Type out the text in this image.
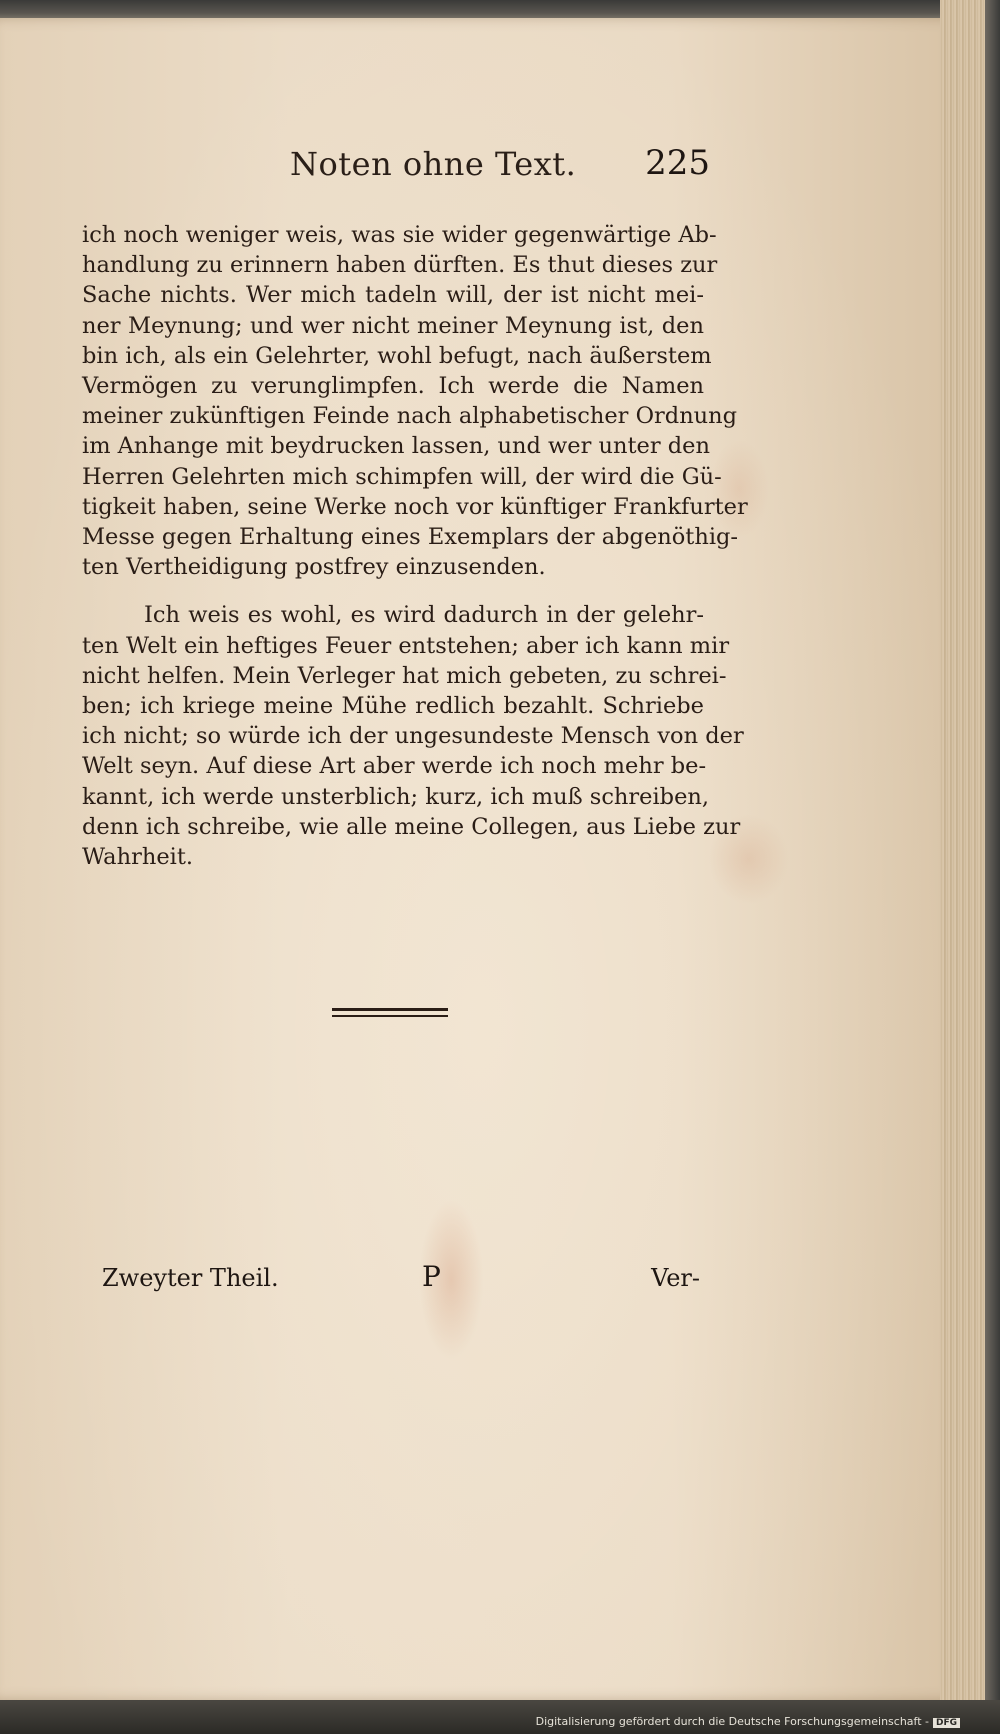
Noten ohne Text. 225
ich noch weniger weis, was sie wider gegenwärtige Ab-
handlung zu erinnern haben dürften. Es thut dieses zur
Sache nichts. Wer mich tadeln will, der ist nicht mei-
ner Meynung; und wer nicht meiner Meynung ist, den
bin ich, als ein Gelehrter, wohl befugt, nach äußerstem
Vermögen zu verunglimpfen. Ich werde die Namen
meiner zukünftigen Feinde nach alphabetischer Ordnung
im Anhange mit beydrucken lassen, und wer unter den
Herren Gelehrten mich schimpfen will, der wird die Gü-
tigkeit haben, seine Werke noch vor künftiger Frankfurter
Messe gegen Erhaltung eines Exemplars der abgenöthig-
ten Vertheidigung postfrey einzusenden.
Ich weis es wohl, es wird dadurch in der gelehr-
ten Welt ein heftiges Feuer entstehen; aber ich kann mir
nicht helfen. Mein Verleger hat mich gebeten, zu schrei-
ben; ich kriege meine Mühe redlich bezahlt. Schriebe
ich nicht; so würde ich der ungesundeste Mensch von der
Welt seyn. Auf diese Art aber werde ich noch mehr be-
kannt, ich werde unsterblich; kurz, ich muß schreiben,
denn ich schreibe, wie alle meine Collegen, aus Liebe zur
Wahrheit.
Zweyter Theil.	P	Ver-
Digitalisierung gefördert durch die Deutsche Forschungsgemeinschaft - DFG
